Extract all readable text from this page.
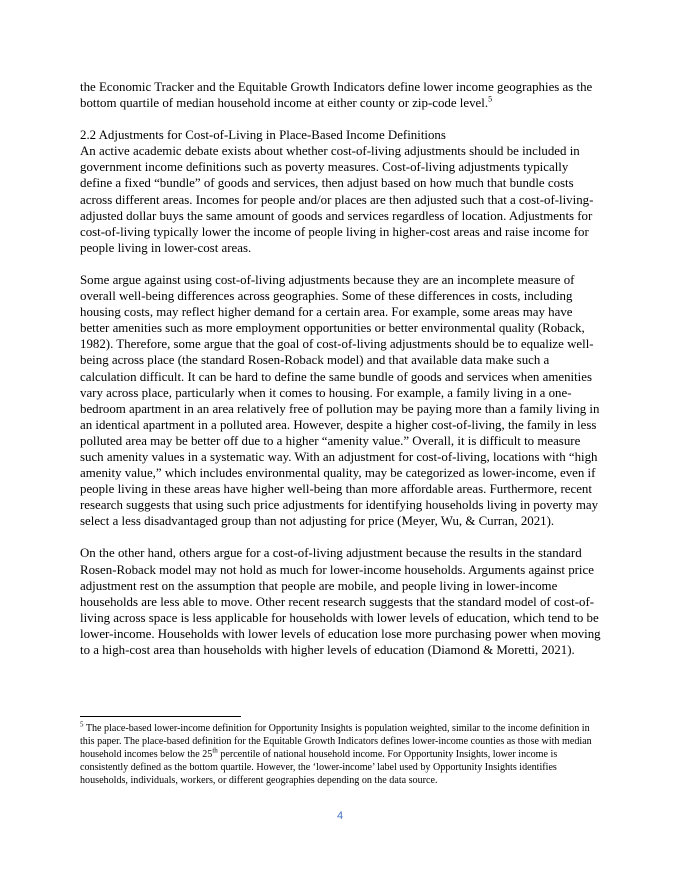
the Economic Tracker and the Equitable Growth Indicators define lower income geographies as the bottom quartile of median household income at either county or zip-code level.$^5$

2.2 Adjustments for Cost-of-Living in Place-Based Income Definitions

An active academic debate exists about whether cost-of-living adjustments should be included in government income definitions such as poverty measures. Cost-of-living adjustments typically define a fixed “bundle” of goods and services, then adjust based on how much that bundle costs across different areas. Incomes for people and/or places are then adjusted such that a cost-of-living-adjusted dollar buys the same amount of goods and services regardless of location. Adjustments for cost-of-living typically lower the income of people living in higher-cost areas and raise income for people living in lower-cost areas.

Some argue against using cost-of-living adjustments because they are an incomplete measure of overall well-being differences across geographies. Some of these differences in costs, including housing costs, may reflect higher demand for a certain area. For example, some areas may have better amenities such as more employment opportunities or better environmental quality (Roback, 1982). Therefore, some argue that the goal of cost-of-living adjustments should be to equalize well-being across place (the standard Rosen-Roback model) and that available data make such a calculation difficult. It can be hard to define the same bundle of goods and services when amenities vary across place, particularly when it comes to housing. For example, a family living in a one-bedroom apartment in an area relatively free of pollution may be paying more than a family living in an identical apartment in a polluted area. However, despite a higher cost-of-living, the family in less polluted area may be better off due to a higher “amenity value.” Overall, it is difficult to measure such amenity values in a systematic way. With an adjustment for cost-of-living, locations with “high amenity value,” which includes environmental quality, may be categorized as lower-income, even if people living in these areas have higher well-being than more affordable areas. Furthermore, recent research suggests that using such price adjustments for identifying households living in poverty may select a less disadvantaged group than not adjusting for price (Meyer, Wu, & Curran, 2021).

On the other hand, others argue for a cost-of-living adjustment because the results in the standard Rosen-Roback model may not hold as much for lower-income households. Arguments against price adjustment rest on the assumption that people are mobile, and people living in lower-income households are less able to move. Other recent research suggests that the standard model of cost-of-living across space is less applicable for households with lower levels of education, which tend to be lower-income. Households with lower levels of education lose more purchasing power when moving to a high-cost area than households with higher levels of education (Diamond & Moretti, 2021).

$^5$ The place-based lower-income definition for Opportunity Insights is population weighted, similar to the income definition in this paper. The place-based definition for the Equitable Growth Indicators defines lower-income counties as those with median household incomes below the 25th percentile of national household income. For Opportunity Insights, lower income is consistently defined as the bottom quartile. However, the ‘lower-income’ label used by Opportunity Insights identifies households, individuals, workers, or different geographies depending on the data source.

4
